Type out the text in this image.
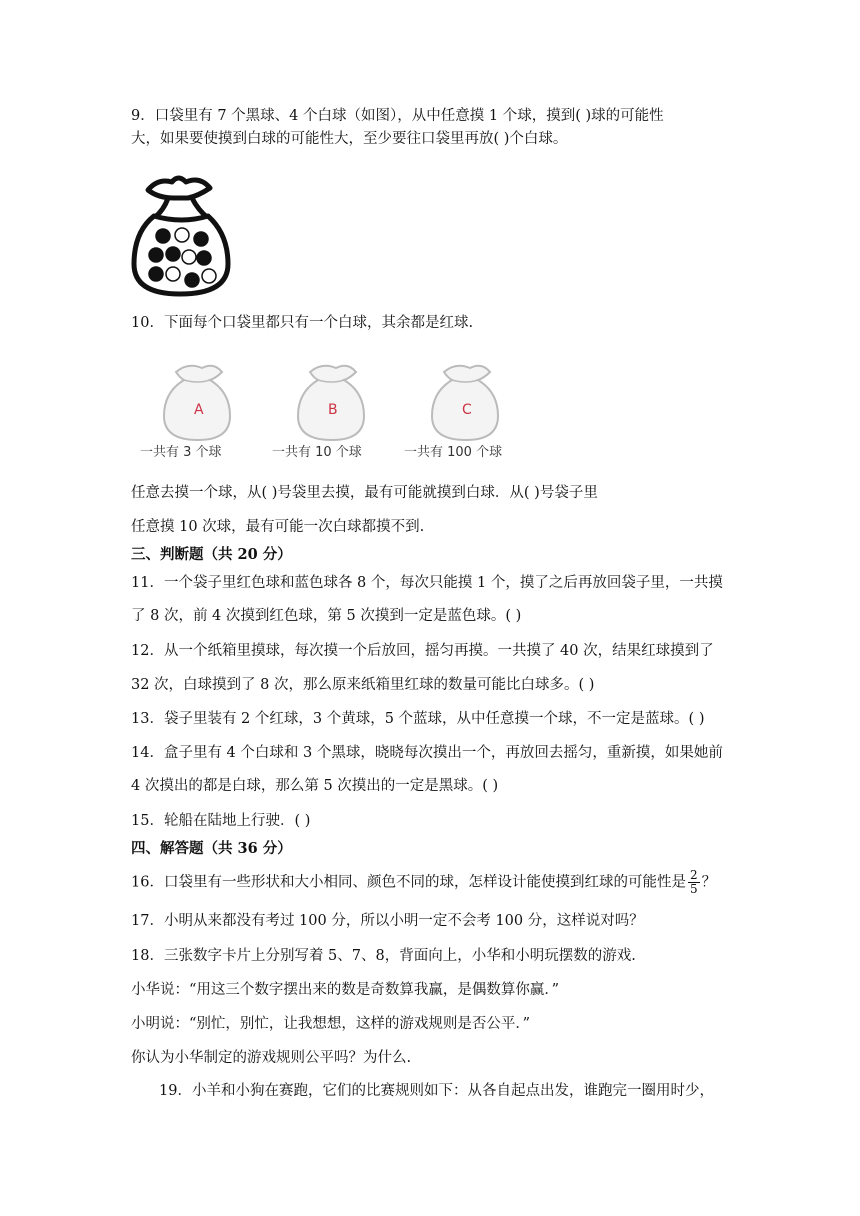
9．口袋里有 7 个黑球、4 个白球（如图），从中任意摸 1 个球，摸到( )球的可能性
大，如果要使摸到白球的可能性大，至少要往口袋里再放( )个白球。
10．下面每个口袋里都只有一个白球，其余都是红球.
A
一共有 3 个球
B
一共有 10 个球
C
一共有 100 个球
任意去摸一个球，从( )号袋里去摸，最有可能就摸到白球．从( )号袋子里
任意摸 10 次球，最有可能一次白球都摸不到.
三、判断题（共 20 分）
11．一个袋子里红色球和蓝色球各 8 个，每次只能摸 1 个，摸了之后再放回袋子里，一共摸
了 8 次，前 4 次摸到红色球，第 5 次摸到一定是蓝色球。( )
12．从一个纸箱里摸球，每次摸一个后放回，摇匀再摸。一共摸了 40 次，结果红球摸到了
32 次，白球摸到了 8 次，那么原来纸箱里红球的数量可能比白球多。( )
13．袋子里装有 2 个红球，3 个黄球，5 个蓝球，从中任意摸一个球，不一定是蓝球。( )
14．盒子里有 4 个白球和 3 个黑球，晓晓每次摸出一个，再放回去摇匀，重新摸，如果她前
4 次摸出的都是白球，那么第 5 次摸出的一定是黑球。( )
15．轮船在陆地上行驶．( )
四、解答题（共 36 分）
16．口袋里有一些形状和大小相同、颜色不同的球，怎样设计能使摸到红球的可能性是 $\frac{2}{5}$ ？
17．小明从来都没有考过 100 分，所以小明一定不会考 100 分，这样说对吗？
18．三张数字卡片上分别写着 5、7、8，背面向上，小华和小明玩摆数的游戏.
小华说：“用这三个数字摆出来的数是奇数算我赢，是偶数算你赢．”
小明说：“别忙，别忙，让我想想，这样的游戏规则是否公平．”
你认为小华制定的游戏规则公平吗？为什么.
19．小羊和小狗在赛跑，它们的比赛规则如下：从各自起点出发，谁跑完一圈用时少，
